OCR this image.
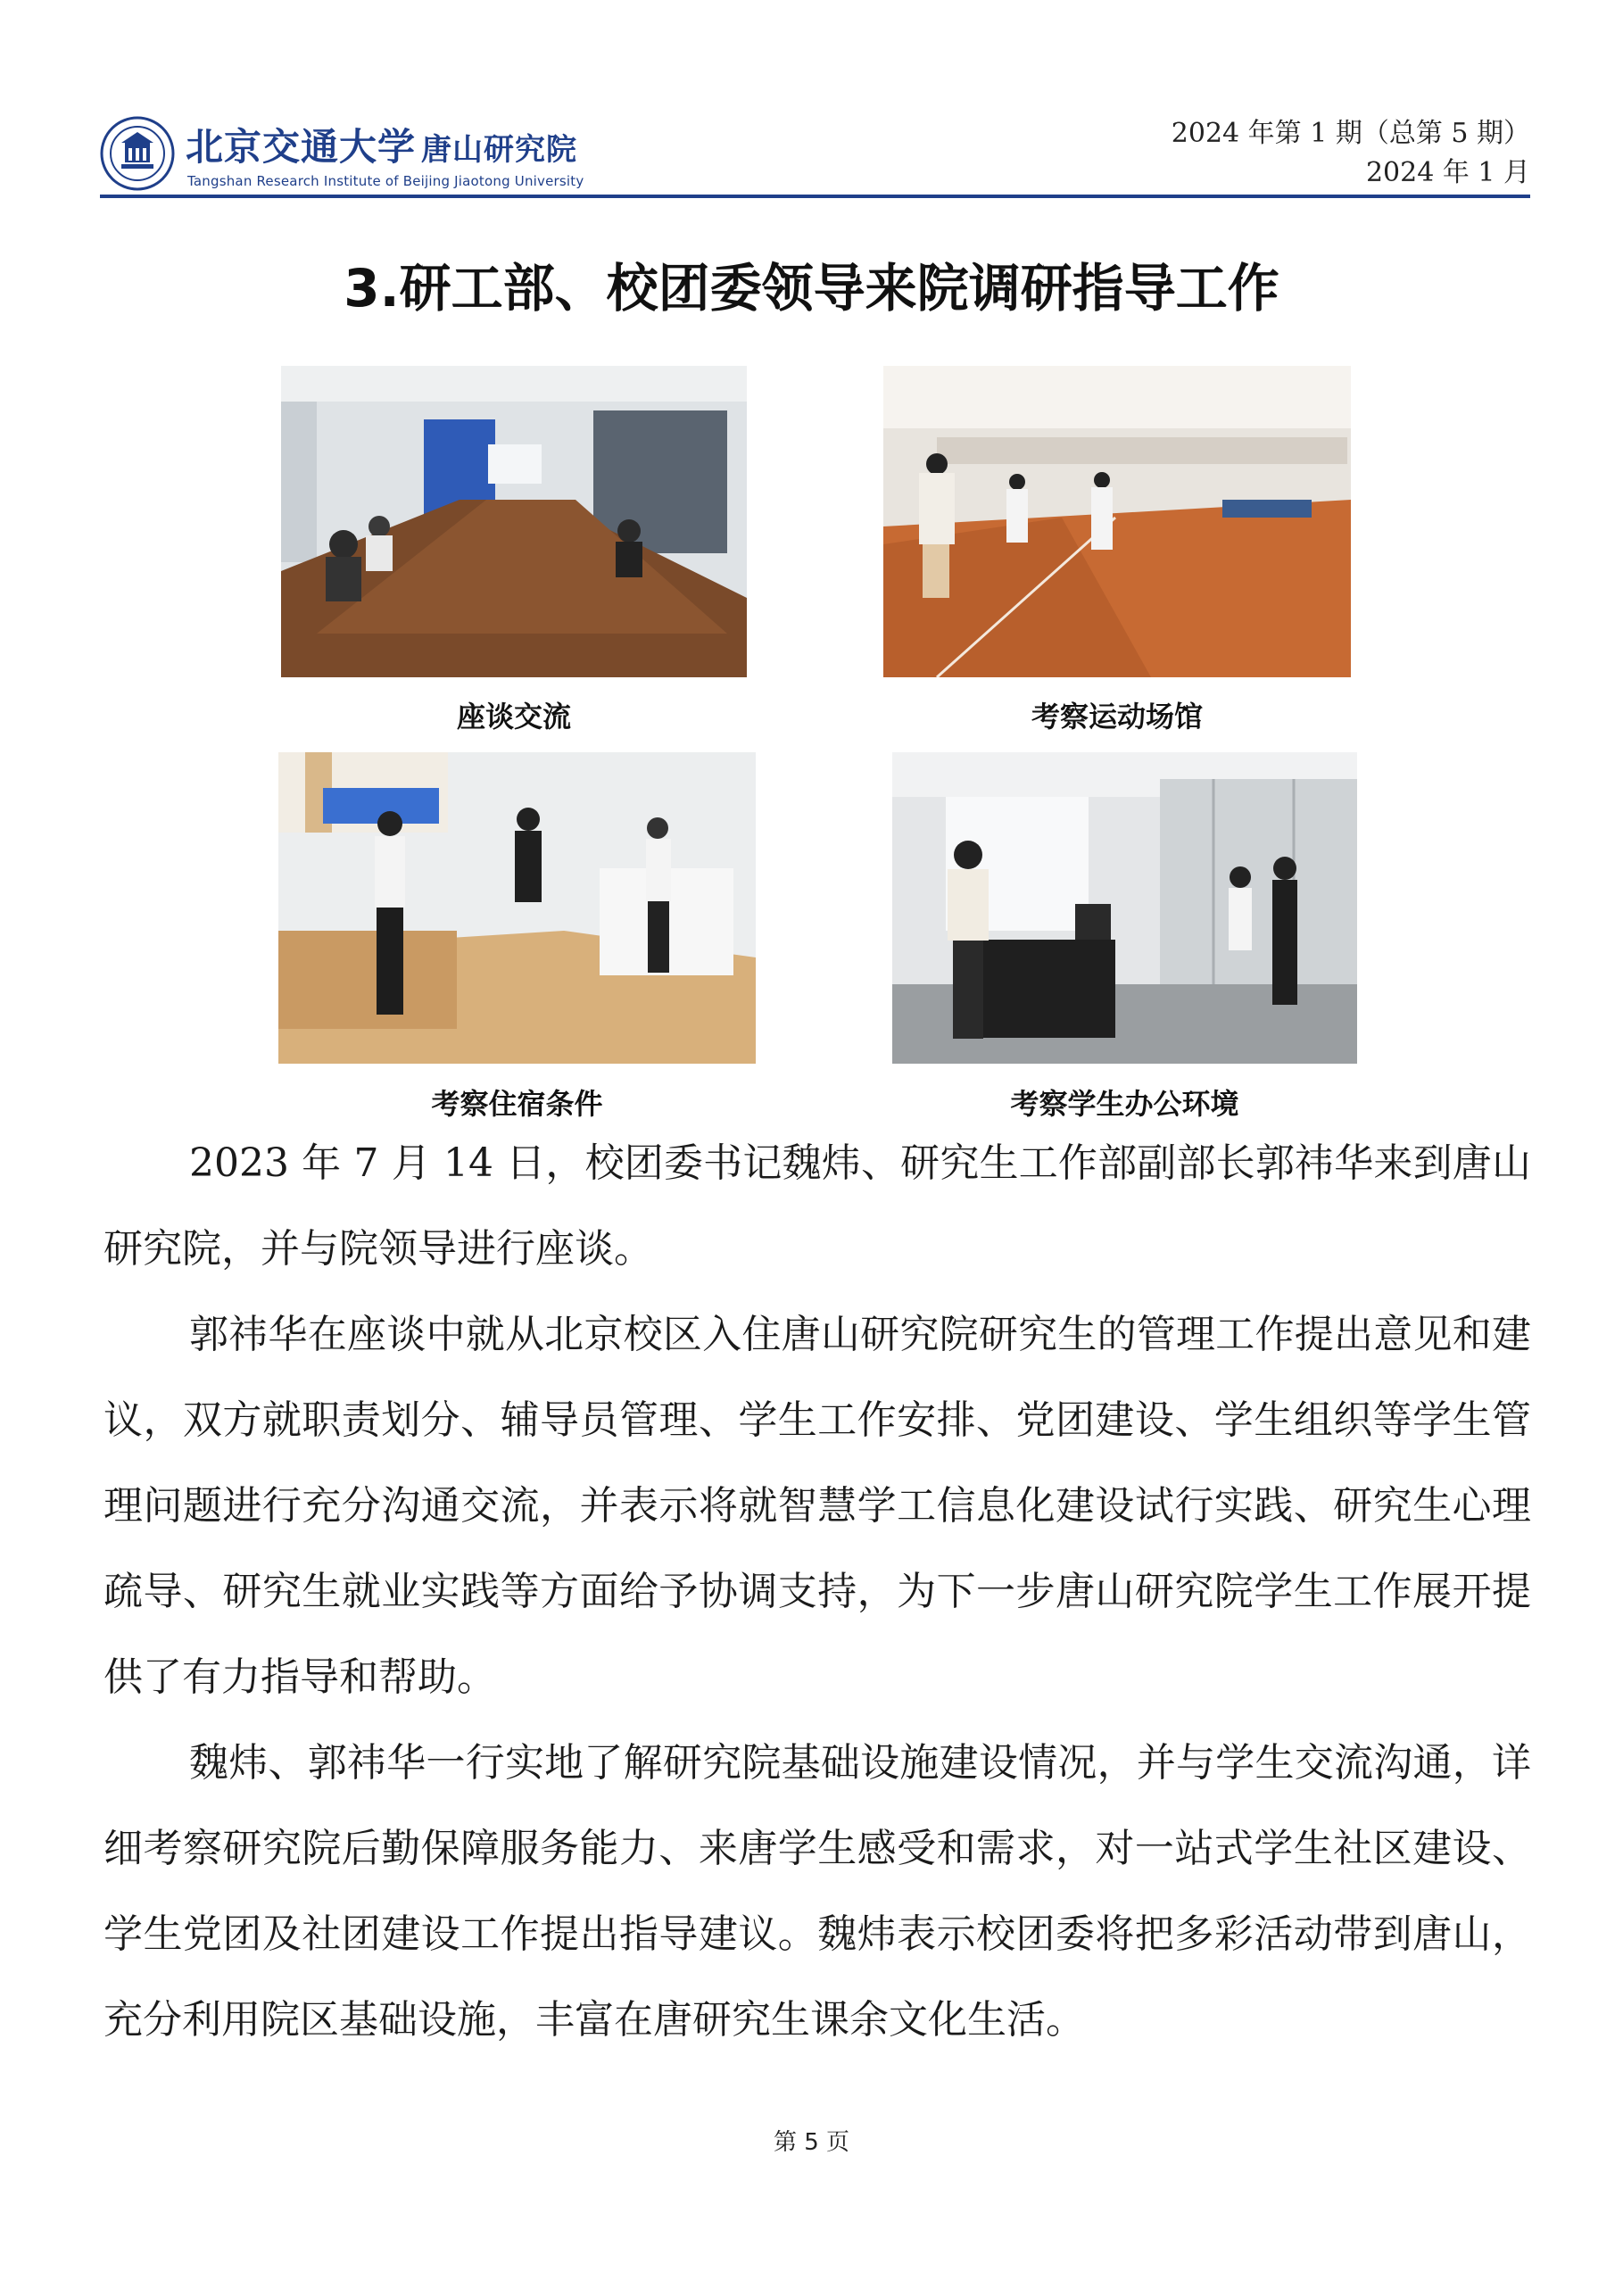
北京交通大学 唐山研究院
Tangshan Research Institute of Beijing Jiaotong University
2024 年第 1 期（总第 5 期）
2024 年 1 月
3.研工部、校团委领导来院调研指导工作
座谈交流	考察运动场馆
考察住宿条件	考察学生办公环境

2023 年 7 月 14 日，校团委书记魏炜、研究生工作部副部长郭祎华来到唐山研究院，并与院领导进行座谈。

郭祎华在座谈中就从北京校区入住唐山研究院研究生的管理工作提出意见和建议，双方就职责划分、辅导员管理、学生工作安排、党团建设、学生组织等学生管理问题进行充分沟通交流，并表示将就智慧学工信息化建设试行实践、研究生心理疏导、研究生就业实践等方面给予协调支持，为下一步唐山研究院学生工作展开提供了有力指导和帮助。

魏炜、郭祎华一行实地了解研究院基础设施建设情况，并与学生交流沟通，详细考察研究院后勤保障服务能力、来唐学生感受和需求，对一站式学生社区建设、学生党团及社团建设工作提出指导建议。魏炜表示校团委将把多彩活动带到唐山，充分利用院区基础设施，丰富在唐研究生课余文化生活。

第 5 页
